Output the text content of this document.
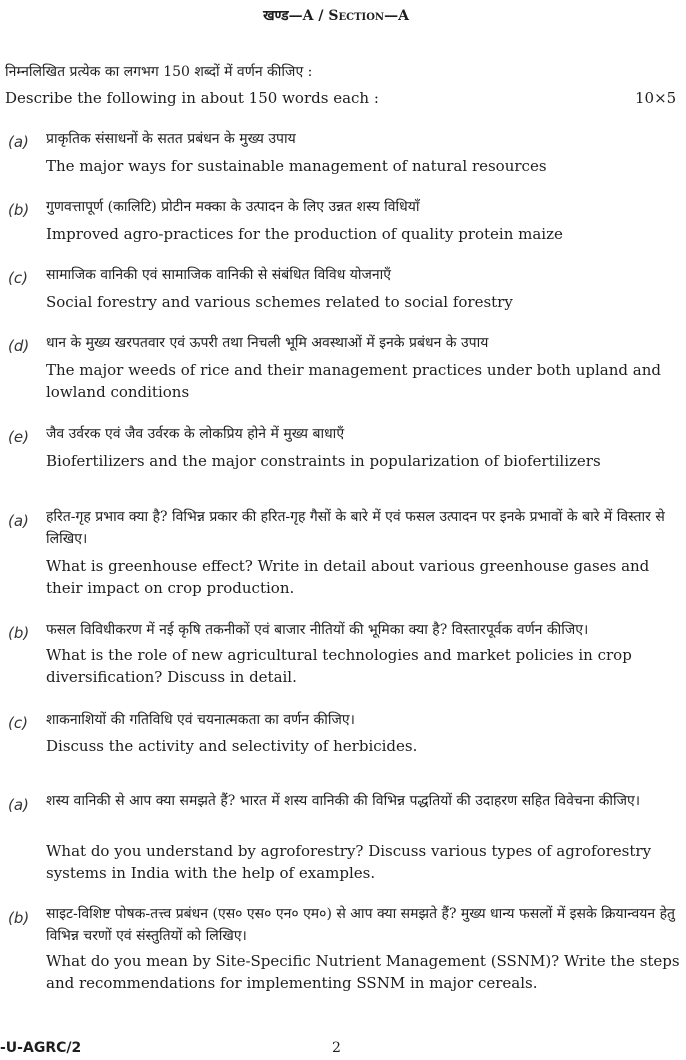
खण्ड—A / Section—A
निम्नलिखित प्रत्येक का लगभग 150 शब्दों में वर्णन कीजिए :
Describe the following in about 150 words each :	10×5
(a) प्राकृतिक संसाधनों के सतत प्रबंधन के मुख्य उपाय
The major ways for sustainable management of natural resources
(b) गुणवत्तापूर्ण (कालिटि) प्रोटीन मक्का के उत्पादन के लिए उन्नत शस्य विधियाँ
Improved agro-practices for the production of quality protein maize
(c) सामाजिक वानिकी एवं सामाजिक वानिकी से संबंधित विविध योजनाएँ
Social forestry and various schemes related to social forestry
(d) धान के मुख्य खरपतवार एवं ऊपरी तथा निचली भूमि अवस्थाओं में इनके प्रबंधन के उपाय
The major weeds of rice and their management practices under both upland and lowland conditions
(e) जैव उर्वरक एवं जैव उर्वरक के लोकप्रिय होने में मुख्य बाधाएँ
Biofertilizers and the major constraints in popularization of biofertilizers
(a) हरित-गृह प्रभाव क्या है? विभिन्न प्रकार की हरित-गृह गैसों के बारे में एवं फसल उत्पादन पर इनके प्रभावों के बारे में विस्तार से लिखिए।
What is greenhouse effect? Write in detail about various greenhouse gases and their impact on crop production.
(b) फसल विविधीकरण में नई कृषि तकनीकों एवं बाजार नीतियों की भूमिका क्या है? विस्तारपूर्वक वर्णन कीजिए।
What is the role of new agricultural technologies and market policies in crop diversification? Discuss in detail.
(c) शाकनाशियों की गतिविधि एवं चयनात्मकता का वर्णन कीजिए।
Discuss the activity and selectivity of herbicides.
(a) शस्य वानिकी से आप क्या समझते हैं? भारत में शस्य वानिकी की विभिन्न पद्धतियों की उदाहरण सहित विवेचना कीजिए।
What do you understand by agroforestry? Discuss various types of agroforestry systems in India with the help of examples.
(b) साइट-विशिष्ट पोषक-तत्त्व प्रबंधन (एस० एस० एन० एम०) से आप क्या समझते हैं? मुख्य धान्य फसलों में इसके क्रियान्वयन हेतु विभिन्न चरणों एवं संस्तुतियों को लिखिए।
What do you mean by Site-Specific Nutrient Management (SSNM)? Write the steps and recommendations for implementing SSNM in major cereals.
-U-AGRC/2	2
